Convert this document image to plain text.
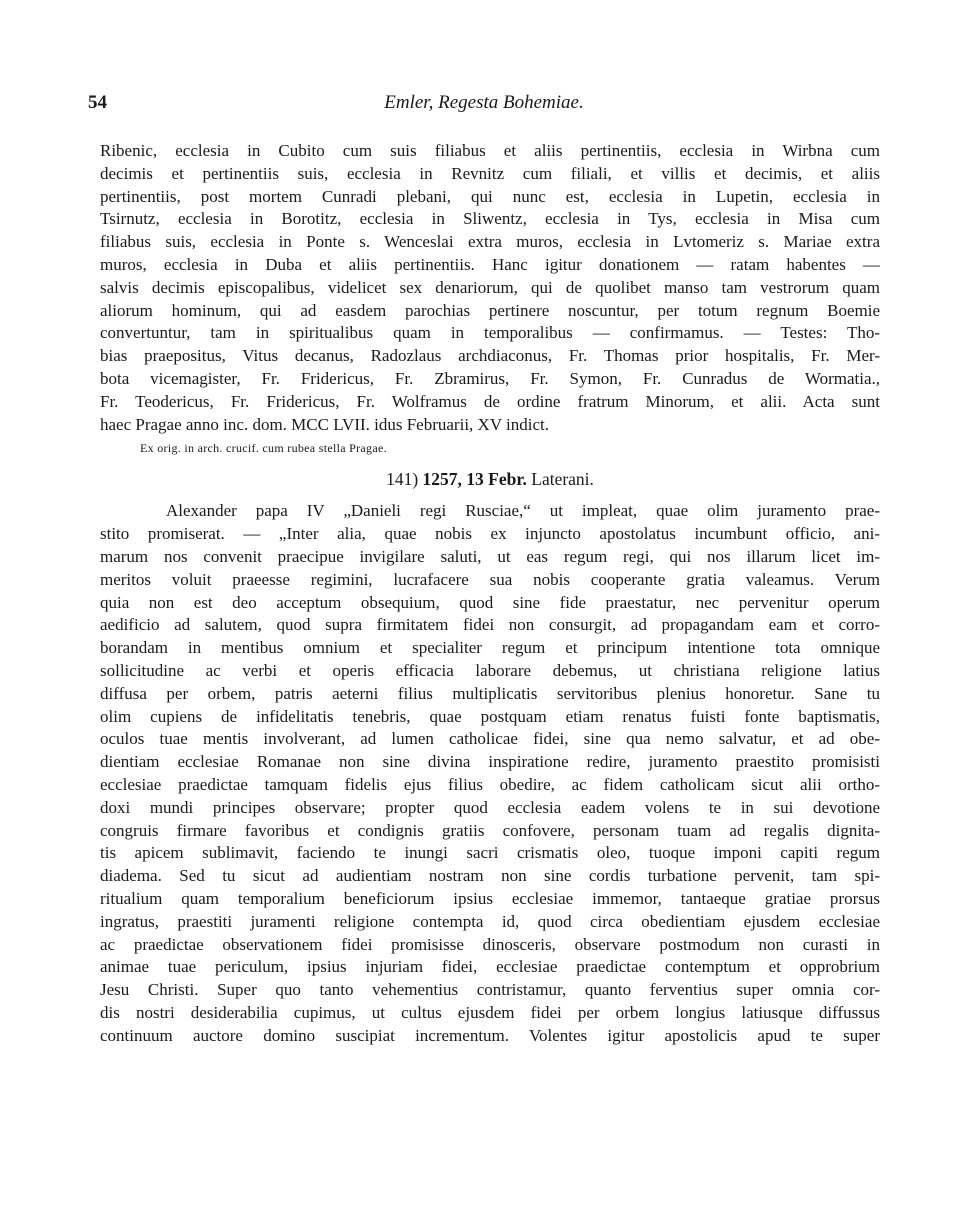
54	Emler, Regesta Bohemiae.
Ribenic, ecclesia in Cubito cum suis filiabus et aliis pertinentiis, ecclesia in Wirbna cum
decimis et pertinentiis suis, ecclesia in Revnitz cum filiali, et villis et decimis, et aliis
pertinentiis, post mortem Cunradi plebani, qui nunc est, ecclesia in Lupetin, ecclesia in
Tsirnutz, ecclesia in Borotitz, ecclesia in Sliwentz, ecclesia in Tys, ecclesia in Misa cum
filiabus suis, ecclesia in Ponte s. Wenceslai extra muros, ecclesia in Lvtomeriz s. Mariae extra
muros, ecclesia in Duba et aliis pertinentiis. Hanc igitur donationem — ratam habentes —
salvis decimis episcopalibus, videlicet sex denariorum, qui de quolibet manso tam vestrorum quam
aliorum hominum, qui ad easdem parochias pertinere noscuntur, per totum regnum Boemie
convertuntur, tam in spiritualibus quam in temporalibus — confirmamus. — Testes: Tho-
bias praepositus, Vitus decanus, Radozlaus archdiaconus, Fr. Thomas prior hospitalis, Fr. Mer-
bota vicemagister, Fr. Fridericus, Fr. Zbramirus, Fr. Symon, Fr. Cunradus de Wormatia.,
Fr. Teodericus, Fr. Fridericus, Fr. Wolframus de ordine fratrum Minorum, et alii. Acta sunt
haec Pragae anno inc. dom. MCC LVII. idus Februarii, XV indict.
Ex orig. in arch. crucif. cum rubea stella Pragae.
141) 1257, 13 Febr. Laterani.
Alexander papa IV „Danieli regi Rusciae,“ ut impleat, quae olim juramento prae-
stito promiserat. — „Inter alia, quae nobis ex injuncto apostolatus incumbunt officio, ani-
marum nos convenit praecipue invigilare saluti, ut eas regum regi, qui nos illarum licet im-
meritos voluit praeesse regimini, lucrafacere sua nobis cooperante gratia valeamus. Verum
quia non est deo acceptum obsequium, quod sine fide praestatur, nec pervenitur operum
aedificio ad salutem, quod supra firmitatem fidei non consurgit, ad propagandam eam et corro-
borandam in mentibus omnium et specialiter regum et principum intentione tota omnique
sollicitudine ac verbi et operis efficacia laborare debemus, ut christiana religione latius
diffusa per orbem, patris aeterni filius multiplicatis servitoribus plenius honoretur. Sane tu
olim cupiens de infidelitatis tenebris, quae postquam etiam renatus fuisti fonte baptismatis,
oculos tuae mentis involverant, ad lumen catholicae fidei, sine qua nemo salvatur, et ad obe-
dientiam ecclesiae Romanae non sine divina inspiratione redire, juramento praestito promisisti
ecclesiae praedictae tamquam fidelis ejus filius obedire, ac fidem catholicam sicut alii ortho-
doxi mundi principes observare; propter quod ecclesia eadem volens te in sui devotione
congruis firmare favoribus et condignis gratiis confovere, personam tuam ad regalis dignita-
tis apicem sublimavit, faciendo te inungi sacri crismatis oleo, tuoque imponi capiti regum
diadema. Sed tu sicut ad audientiam nostram non sine cordis turbatione pervenit, tam spi-
ritualium quam temporalium beneficiorum ipsius ecclesiae immemor, tantaeque gratiae prorsus
ingratus, praestiti juramenti religione contempta id, quod circa obedientiam ejusdem ecclesiae
ac praedictae observationem fidei promisisse dinosceris, observare postmodum non curasti in
animae tuae periculum, ipsius injuriam fidei, ecclesiae praedictae contemptum et opprobrium
Jesu Christi. Super quo tanto vehementius contristamur, quanto ferventius super omnia cor-
dis nostri desiderabilia cupimus, ut cultus ejusdem fidei per orbem longius latiusque diffussus
continuum auctore domino suscipiat incrementum. Volentes igitur apostolicis apud te super
